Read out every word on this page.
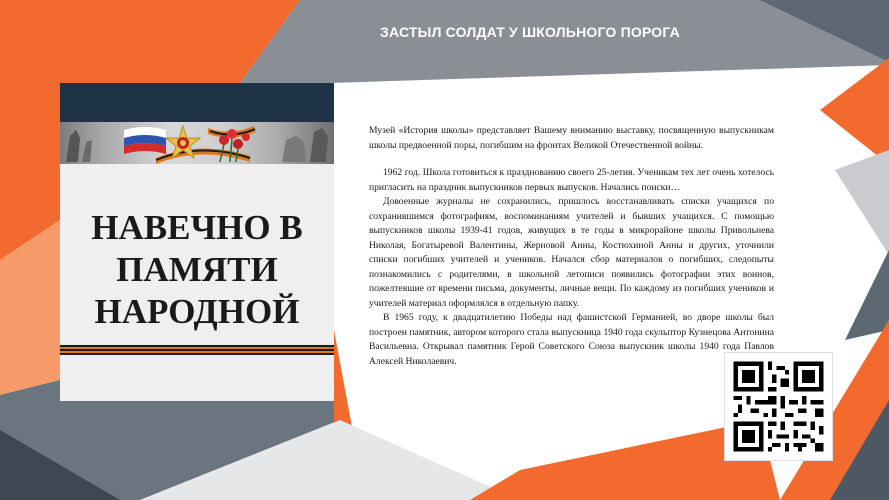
ЗАСТЫЛ СОЛДАТ У ШКОЛЬНОГО ПОРОГА
НАВЕЧНО В
ПАМЯТИ
НАРОДНОЙ

Музей «История школы» представляет Вашему вниманию выставку, посвященную выпускникам школы предвоенной поры, погибшим на фронтах Великой Отечественной войны.

1962 год. Школа готовиться к празднованию своего 25-летия. Ученикам тех лет очень хотелось пригласить на праздник выпускников первых выпусков. Начались поиски…

Довоенные журналы не сохранились, пришлось восстанавливать списки учащихся по сохранившимся фотографиям, воспоминаниям учителей и бывших учащихся. С помощью выпускников школы 1939-41 годов, живущих в те годы в микрорайоне школы Привольнева Николая, Богатыревой Валентины, Жерновой Анны, Костюхиной Анны и других, уточнили списки погибших учителей и учеников. Начался сбор материалов о погибших, следопыты познакомились с родителями, в школьной летописи появились фотографии этих воинов, пожелтевшие от времени письма, документы, личные вещи. По каждому из погибших учеников и учителей материал оформлялся в отдельную папку.

В 1965 году, к двадцатилетию Победы над фашистской Германией, во дворе школы был построен памятник, автором которого стала выпускница 1940 года скульптор Кузнецова Антонина Васильевна. Открывал памятник Герой Советского Союза выпускник школы 1940 года Павлов Алексей Николаевич.
